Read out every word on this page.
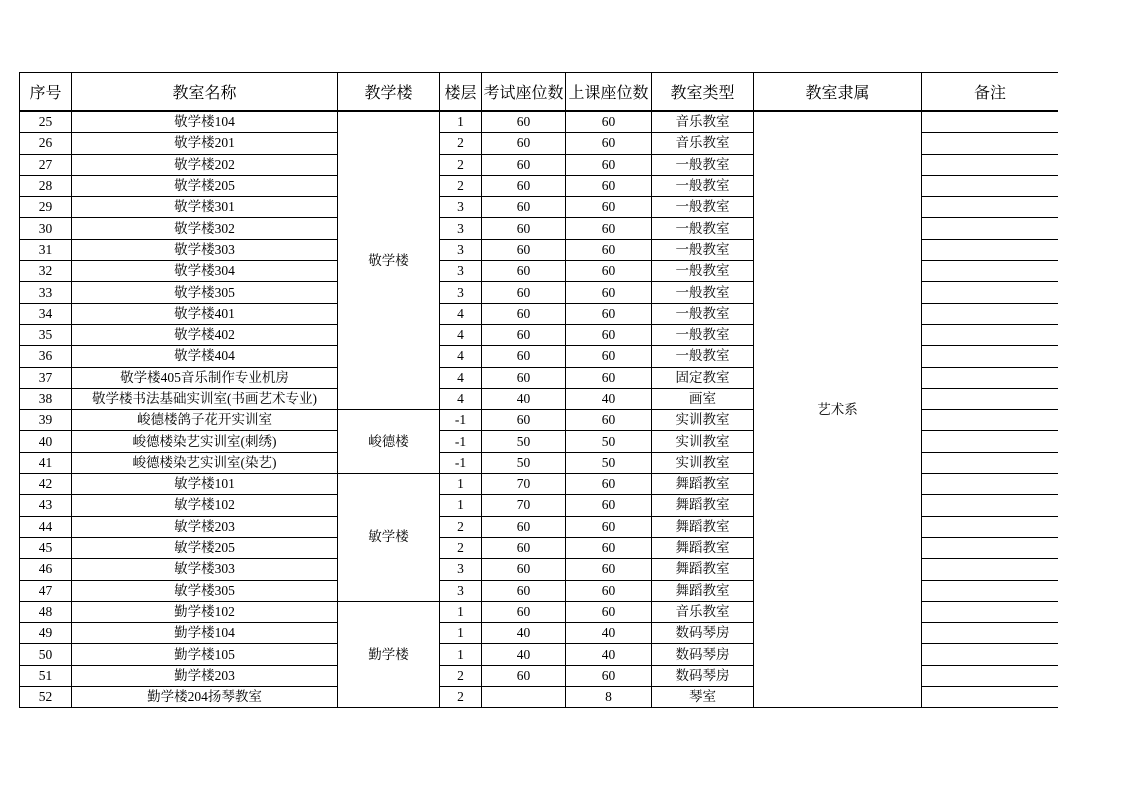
序号	教室名称	教学楼	楼层	考试座位数	上课座位数	教室类型	教室隶属	备注
25	敬学楼104	敬学楼	1	60	60	音乐教室	艺术系	
26	敬学楼201		2	60	60	音乐教室		
27	敬学楼202		2	60	60	一般教室		
28	敬学楼205		2	60	60	一般教室		
29	敬学楼301		3	60	60	一般教室		
30	敬学楼302		3	60	60	一般教室		
31	敬学楼303		3	60	60	一般教室		
32	敬学楼304		3	60	60	一般教室		
33	敬学楼305		3	60	60	一般教室		
34	敬学楼401		4	60	60	一般教室		
35	敬学楼402		4	60	60	一般教室		
36	敬学楼404		4	60	60	一般教室		
37	敬学楼405音乐制作专业机房		4	60	60	固定教室		
38	敬学楼书法基础实训室(书画艺术专业)		4	40	40	画室		
39	峻德楼鸽子花开实训室	峻德楼	-1	60	60	实训教室		
40	峻德楼染艺实训室(刺绣)		-1	50	50	实训教室		
41	峻德楼染艺实训室(染艺)		-1	50	50	实训教室		
42	敏学楼101	敏学楼	1	70	60	舞蹈教室		
43	敏学楼102		1	70	60	舞蹈教室		
44	敏学楼203		2	60	60	舞蹈教室		
45	敏学楼205		2	60	60	舞蹈教室		
46	敏学楼303		3	60	60	舞蹈教室		
47	敏学楼305		3	60	60	舞蹈教室		
48	勤学楼102	勤学楼	1	60	60	音乐教室		
49	勤学楼104		1	40	40	数码琴房		
50	勤学楼105		1	40	40	数码琴房		
51	勤学楼203		2	60	60	数码琴房		
52	勤学楼204扬琴教室		2		8	琴室		
